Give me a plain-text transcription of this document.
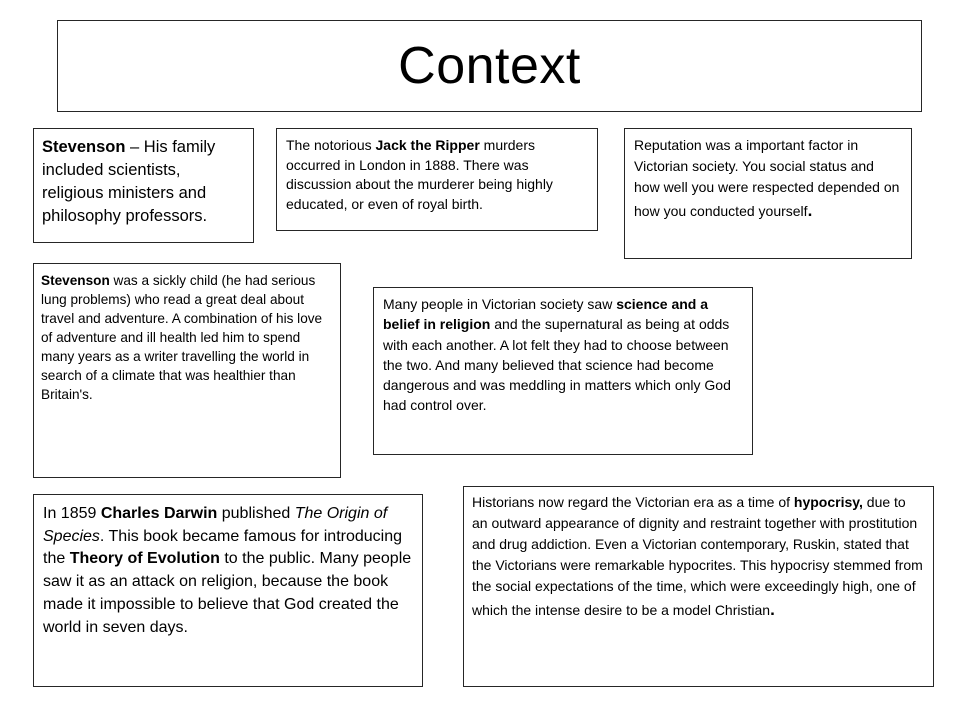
Context
Stevenson – His family included scientists, religious ministers and philosophy professors.
The notorious Jack the Ripper murders occurred in London in 1888. There was discussion about the murderer being highly educated, or even of royal birth.
Reputation was a important factor in Victorian society. You social status and how well you were respected depended on how you conducted yourself.
Stevenson was a sickly child (he had serious lung problems) who read a great deal about travel and adventure. A combination of his love of adventure and ill health led him to spend many years as a writer travelling the world in search of a climate that was healthier than Britain's.
Many people in Victorian society saw science and a belief in religion and the supernatural as being at odds with each another. A lot felt they had to choose between the two. And many believed that science had become dangerous and was meddling in matters which only God had control over.
In 1859 Charles Darwin published The Origin of Species. This book became famous for introducing the Theory of Evolution to the public. Many people saw it as an attack on religion, because the book made it impossible to believe that God created the world in seven days.
Historians now regard the Victorian era as a time of hypocrisy, due to an outward appearance of dignity and restraint together with prostitution and drug addiction. Even a Victorian contemporary, Ruskin, stated that the Victorians were remarkable hypocrites. This hypocrisy stemmed from the social expectations of the time, which were exceedingly high, one of which the intense desire to be a model Christian.
